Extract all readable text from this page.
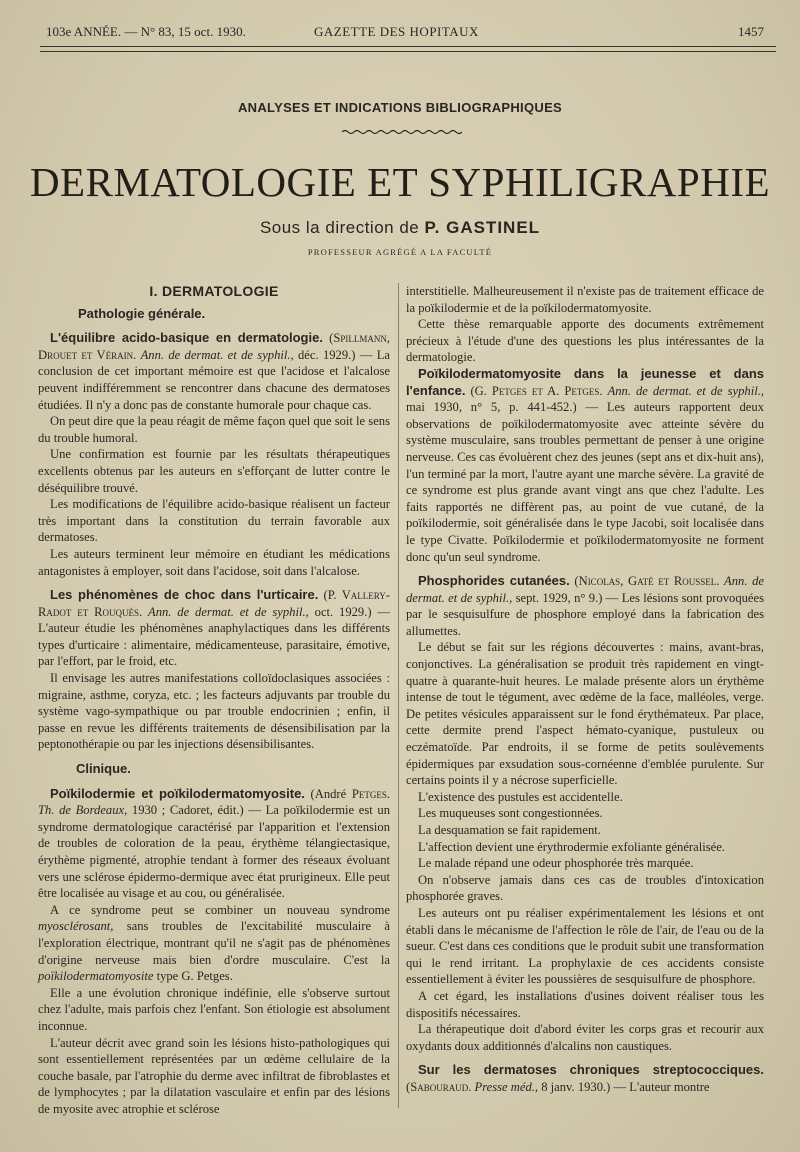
103e ANNÉE. — N° 83, 15 oct. 1930.	GAZETTE DES HOPITAUX	1457
ANALYSES ET INDICATIONS BIBLIOGRAPHIQUES
DERMATOLOGIE ET SYPHILIGRAPHIE
Sous la direction de P. GASTINEL
PROFESSEUR AGRÉGÉ A LA FACULTÉ
I. DERMATOLOGIE
Pathologie générale.

L'équilibre acido-basique en dermatologie. (Spillmann, Drouet et Vérain. Ann. de dermat. et de syphil., déc. 1929.) — La conclusion de cet important mémoire est que l'acidose et l'alcalose peuvent indifféremment se rencontrer dans chacune des dermatoses étudiées. Il n'y a donc pas de constante humorale pour chaque cas.

On peut dire que la peau réagit de même façon quel que soit le sens du trouble humoral.

Une confirmation est fournie par les résultats thérapeutiques excellents obtenus par les auteurs en s'efforçant de lutter contre le déséquilibre trouvé.

Les modifications de l'équilibre acido-basique réalisent un facteur très important dans la constitution du terrain favorable aux dermatoses.

Les auteurs terminent leur mémoire en étudiant les médications antagonistes à employer, soit dans l'acidose, soit dans l'alcalose.

Les phénomènes de choc dans l'urticaire. (P. Vallery-Radot et Rouquès. Ann. de dermat. et de syphil., oct. 1929.) — L'auteur étudie les phénomènes anaphylactiques dans les différents types d'urticaire : alimentaire, médicamenteuse, parasitaire, émotive, par l'effort, par le froid, etc.

Il envisage les autres manifestations colloïdoclasiques associées : migraine, asthme, coryza, etc. ; les facteurs adjuvants par trouble du système vago-sympathique ou par trouble endocrinien ; enfin, il passe en revue les différents traitements de désensibilisation par la peptonothérapie ou par les injections désensibilisantes.

Clinique.

Poïkilodermie et poïkilodermatomyosite. (André Petges. Th. de Bordeaux, 1930 ; Cadoret, édit.) — La poïkilodermie est un syndrome dermatologique caractérisé par l'apparition et l'extension de troubles de coloration de la peau, érythème télangiectasique, érythème pigmenté, atrophie tendant à former des réseaux évoluant vers une sclérose épidermo-dermique avec état prurigineux. Elle peut être localisée au visage et au cou, ou généralisée.

A ce syndrome peut se combiner un nouveau syndrome myosclérosant, sans troubles de l'excitabilité musculaire à l'exploration électrique, montrant qu'il ne s'agit pas de phénomènes d'origine nerveuse mais bien d'ordre musculaire. C'est la poïkilodermatomyosite type G. Petges.

Elle a une évolution chronique indéfinie, elle s'observe surtout chez l'adulte, mais parfois chez l'enfant. Son étiologie est absolument inconnue.

L'auteur décrit avec grand soin les lésions histo-pathologiques qui sont essentiellement représentées par un œdème cellulaire de la couche basale, par l'atrophie du derme avec infiltrat de fibroblastes et de lymphocytes ; par la dilatation vasculaire et enfin par des lésions de myosite avec atrophie et sclérose

interstitielle. Malheureusement il n'existe pas de traitement efficace de la poïkilodermie et de la poïkilodermatomyosite.

Cette thèse remarquable apporte des documents extrêmement précieux à l'étude d'une des questions les plus intéressantes de la dermatologie.

Poïkilodermatomyosite dans la jeunesse et dans l'enfance. (G. Petges et A. Petges. Ann. de dermat. et de syphil., mai 1930, n° 5, p. 441-452.) — Les auteurs rapportent deux observations de poïkilodermatomyosite avec atteinte sévère du système musculaire, sans troubles permettant de penser à une origine nerveuse. Ces cas évoluèrent chez des jeunes (sept ans et dix-huit ans), l'un terminé par la mort, l'autre ayant une marche sévère. La gravité de ce syndrome est plus grande avant vingt ans que chez l'adulte. Les faits rapportés ne diffèrent pas, au point de vue cutané, de la poïkilodermie, soit généralisée dans le type Jacobi, soit localisée dans le type Civatte. Poïkilodermie et poïkilodermatomyosite ne forment donc qu'un seul syndrome.

Phosphorides cutanées. (Nicolas, Gaté et Roussel. Ann. de dermat. et de syphil., sept. 1929, n° 9.) — Les lésions sont provoquées par le sesquisulfure de phosphore employé dans la fabrication des allumettes.

Le début se fait sur les régions découvertes : mains, avant-bras, conjonctives. La généralisation se produit très rapidement en vingt-quatre à quarante-huit heures. Le malade présente alors un érythème intense de tout le tégument, avec œdème de la face, malléoles, verge. De petites vésicules apparaissent sur le fond érythémateux. Par place, cette dermite prend l'aspect hémato-cyanique, pustuleux ou eczématoïde. Par endroits, il se forme de petits soulèvements épidermiques par exsudation sous-cornéenne d'emblée purulente. Sur certains points il y a nécrose superficielle.

L'existence des pustules est accidentelle.

Les muqueuses sont congestionnées.

La desquamation se fait rapidement.

L'affection devient une érythrodermie exfoliante généralisée.

Le malade répand une odeur phosphorée très marquée.

On n'observe jamais dans ces cas de troubles d'intoxication phosphorée graves.

Les auteurs ont pu réaliser expérimentalement les lésions et ont établi dans le mécanisme de l'affection le rôle de l'air, de l'eau ou de la sueur. C'est dans ces conditions que le produit subit une transformation qui le rend irritant. La prophylaxie de ces accidents consiste essentiellement à éviter les poussières de sesquisulfure de phosphore.

A cet égard, les installations d'usines doivent réaliser tous les dispositifs nécessaires.

La thérapeutique doit d'abord éviter les corps gras et recourir aux oxydants doux additionnés d'alcalins non caustiques.

Sur les dermatoses chroniques streptococciques. (Sabouraud. Presse méd., 8 janv. 1930.) — L'auteur montre
